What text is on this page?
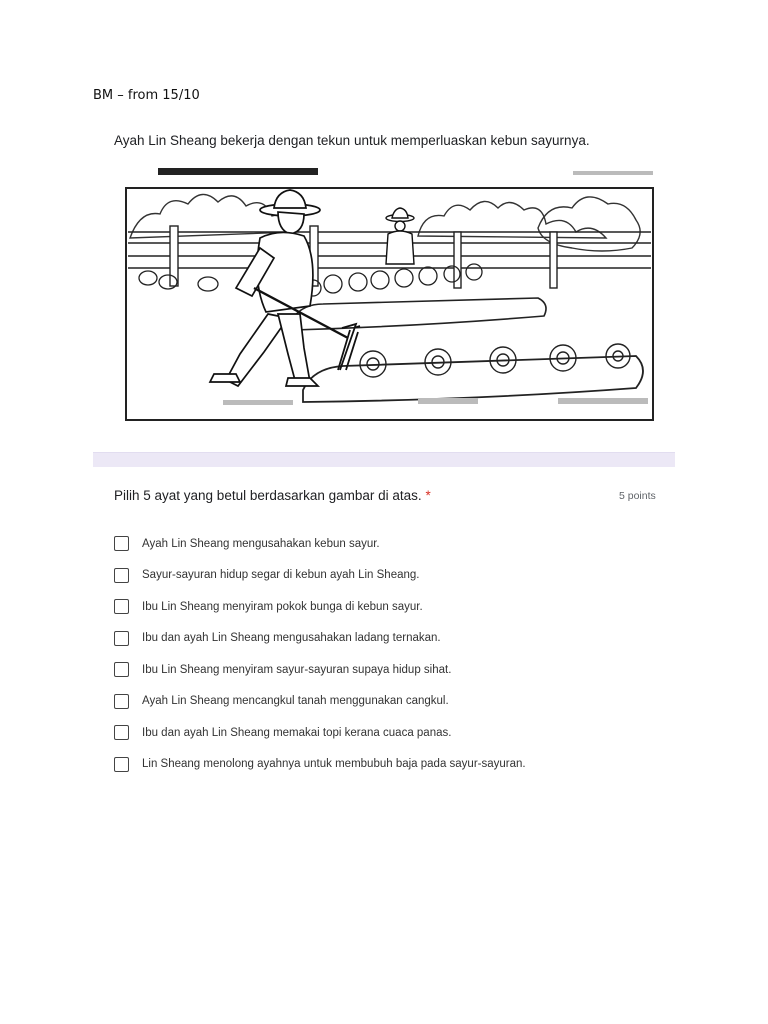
BM – from 15/10
Ayah Lin Sheang bekerja dengan tekun untuk memperluaskan kebun sayurnya.
Pilih 5 ayat yang betul berdasarkan gambar di atas. *	5 points
Ayah Lin Sheang mengusahakan kebun sayur.
Sayur-sayuran hidup segar di kebun ayah Lin Sheang.
Ibu Lin Sheang menyiram pokok bunga di kebun sayur.
Ibu dan ayah Lin Sheang mengusahakan ladang ternakan.
Ibu Lin Sheang menyiram sayur-sayuran supaya hidup sihat.
Ayah Lin Sheang mencangkul tanah menggunakan cangkul.
Ibu dan ayah Lin Sheang memakai topi kerana cuaca panas.
Lin Sheang menolong ayahnya untuk membubuh baja pada sayur-sayuran.
